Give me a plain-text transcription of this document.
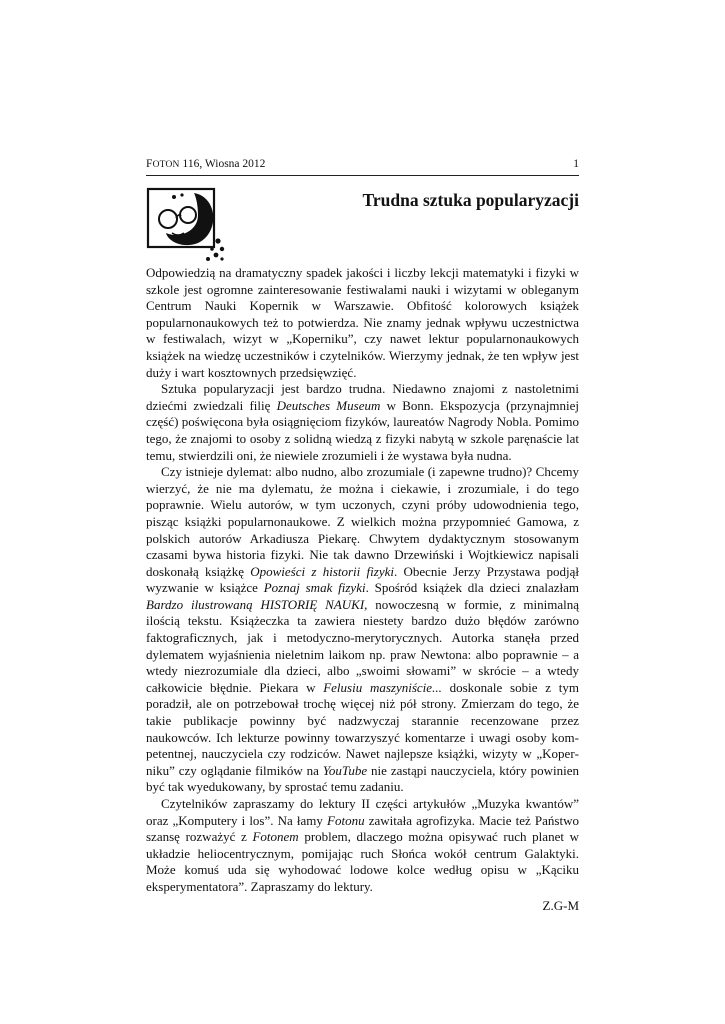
FOTON 116, Wiosna 2012	1
Trudna sztuka popularyzacji

Odpowiedzią na dramatyczny spadek jakości i liczby lekcji matematyki i fizyki w szkole jest ogromne zainteresowanie festiwalami nauki i wizytami w obleganym Centrum Nauki Kopernik w Warszawie. Obfitość kolorowych książek popularnonaukowych też to potwierdza. Nie znamy jednak wpływu uczestnictwa w festiwalach, wizyt w „Koperniku”, czy nawet lektur popularnonaukowych książek na wiedzę uczestników i czytelników. Wierzymy jednak, że ten wpływ jest duży i wart kosztownych przedsięwzięć.

Sztuka popularyzacji jest bardzo trudna. Niedawno znajomi z nastoletnimi dziećmi zwiedzali filię Deutsches Museum w Bonn. Ekspozycja (przynajmniej część) poświęcona była osiągnięciom fizyków, laureatów Nagrody Nobla. Pomimo tego, że znajomi to osoby z solidną wiedzą z fizyki nabytą w szkole paręnaście lat temu, stwierdzili oni, że niewiele zrozumieli i że wystawa była nudna.

Czy istnieje dylemat: albo nudno, albo zrozumiale (i zapewne trudno)? Chcemy wierzyć, że nie ma dylematu, że można i ciekawie, i zrozumiale, i do tego poprawnie. Wielu autorów, w tym uczonych, czyni próby udowodnienia tego, pisząc książki popularnonaukowe. Z wielkich można przypomnieć Gamowa, z polskich autorów Arkadiusza Piekarę. Chwytem dydaktycznym stosowanym czasami bywa historia fizyki. Nie tak dawno Drzewiński i Wojtkiewicz napisali doskonałą książkę Opowieści z historii fizyki. Obecnie Jerzy Przystawa podjął wyzwanie w książce Poznaj smak fizyki. Spośród książek dla dzieci znalazłam Bardzo ilustrowaną HISTORIĘ NAUKI, nowoczesną w formie, z minimalną ilością tekstu. Książeczka ta zawiera niestety bardzo dużo błędów zarówno faktograficznych, jak i metodyczno-merytorycznych. Autorka stanęła przed dylematem wyjaśnienia nieletnim laikom np. praw Newtona: albo poprawnie – a wtedy niezrozumiale dla dzieci, albo „swoimi słowami” w skrócie – a wtedy całkowicie błędnie. Piekara w Felusiu maszyniście... doskonale sobie z tym poradził, ale on potrzebował trochę więcej niż pół strony. Zmierzam do tego, że takie publikacje powinny być nadzwyczaj starannie recenzowane przez naukowców. Ich lekturze powinny towarzyszyć komentarze i uwagi osoby kompetentnej, nauczyciela czy rodziców. Nawet najlepsze książki, wizyty w „Koperniku” czy oglądanie filmików na YouTube nie zastąpi nauczyciela, który powinien być tak wyedukowany, by sprostać temu zadaniu.

Czytelników zapraszamy do lektury II części artykułów „Muzyka kwantów” oraz „Komputery i los”. Na łamy Fotonu zawitała agrofizyka. Macie też Państwo szansę rozważyć z Fotonem problem, dlaczego można opisywać ruch planet w układzie heliocentrycznym, pomijając ruch Słońca wokół centrum Galaktyki. Może komuś uda się wyhodować lodowe kolce według opisu w „Kąciku eksperymentatora”. Zapraszamy do lektury.

Z.G-M
